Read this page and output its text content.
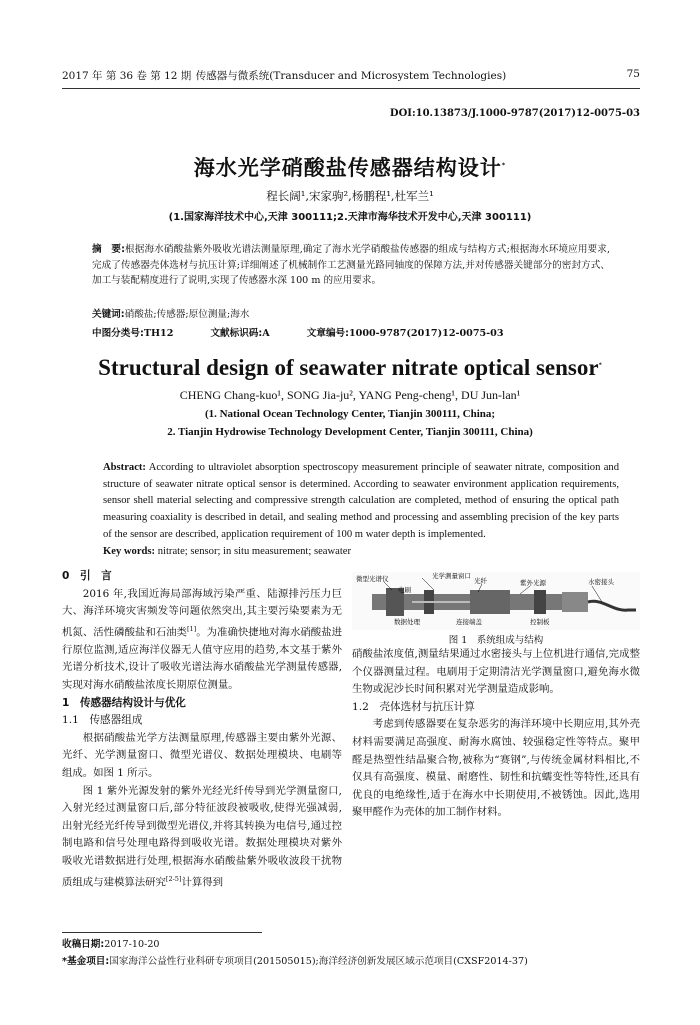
2017 年 第 36 卷 第 12 期 传感器与微系统(Transducer and Microsystem Technologies)	75
DOI:10.13873/J.1000-9787(2017)12-0075-03
海水光学硝酸盐传感器结构设计*
程长阔¹,宋家驹²,杨鹏程¹,杜军兰¹
(1.国家海洋技术中心,天津 300111;2.天津市海华技术开发中心,天津 300111)
摘　要:根据海水硝酸盐紫外吸收光谱法测量原理,确定了海水光学硝酸盐传感器的组成与结构方式;根据海水环境应用要求,完成了传感器壳体选材与抗压计算;详细阐述了机械制作工艺测量光路同轴度的保障方法,并对传感器关键部分的密封方式、加工与装配精度进行了说明,实现了传感器水深 100 m 的应用要求。
关键词:硝酸盐;传感器;原位测量;海水
中图分类号:TH12	文献标识码:A	文章编号:1000-9787(2017)12-0075-03
Structural design of seawater nitrate optical sensor*
CHENG Chang-kuo¹, SONG Jia-ju², YANG Peng-cheng¹, DU Jun-lan¹
(1. National Ocean Technology Center, Tianjin 300111, China;
2. Tianjin Hydrowise Technology Development Center, Tianjin 300111, China)
Abstract: According to ultraviolet absorption spectroscopy measurement principle of seawater nitrate, composition and structure of seawater nitrate optical sensor is determined. According to seawater environment application requirements, sensor shell material selecting and compressive strength calculation are completed, method of ensuring the optical path measuring coaxiality is described in detail, and sealing method and processing and assembling precision of the key parts of the sensor are described, application requirement of 100 m water depth is implemented.
Key words: nitrate; sensor; in situ measurement; seawater
0　引　言
2016 年,我国近海局部海域污染严重、陆源排污压力巨大、海洋环境灾害频发等问题依然突出,其主要污染要素为无机氮、活性磷酸盐和石油类[1]。为准确快捷地对海水硝酸盐进行原位监测,适应海洋仪器无人值守应用的趋势,本文基于紫外光谱分析技术,设计了吸收光谱法海水硝酸盐光学测量传感器,实现对海水硝酸盐浓度长期原位测量。
1　传感器结构设计与优化
1.1　传感器组成
根据硝酸盐光学方法测量原理,传感器主要由紫外光源、光纤、光学测量窗口、微型光谱仪、数据处理模块、电刷等组成。如图 1 所示。
图 1 紫外光源发射的紫外光经光纤传导到光学测量窗口,入射光经过测量窗口后,部分特征波段被吸收,使得光强减弱,出射光经光纤传导到微型光谱仪,并将其转换为电信号,通过控制电路和信号处理电路得到吸收光谱。数据处理模块对紫外吸收光谱数据进行处理,根据海水硝酸盐紫外吸收波段干扰物质组成与建模算法研究[2-5]计算得到
微型光谱仪
电刷
光学测量窗口
光纤	紫外光源	水密接头
数据处理	连接端盖	控制板
图 1　系统组成与结构
硝酸盐浓度值,测量结果通过水密接头与上位机进行通信,完成整个仪器测量过程。电刷用于定期清洁光学测量窗口,避免海水微生物或泥沙长时间积累对光学测量造成影响。
1.2　壳体选材与抗压计算
考虑到传感器要在复杂恶劣的海洋环境中长期应用,其外壳材料需要满足高强度、耐海水腐蚀、较强稳定性等特点。聚甲醛是热塑性结晶聚合物,被称为“赛钢”,与传统金属材料相比,不仅具有高强度、模量、耐磨性、韧性和抗蠕变性等特性,还具有优良的电绝缘性,适于在海水中长期使用,不被锈蚀。因此,选用聚甲醛作为壳体的加工制作材料。
收稿日期:2017-10-20
*基金项目:国家海洋公益性行业科研专项项目(201505015);海洋经济创新发展区域示范项目(CXSF2014-37)
